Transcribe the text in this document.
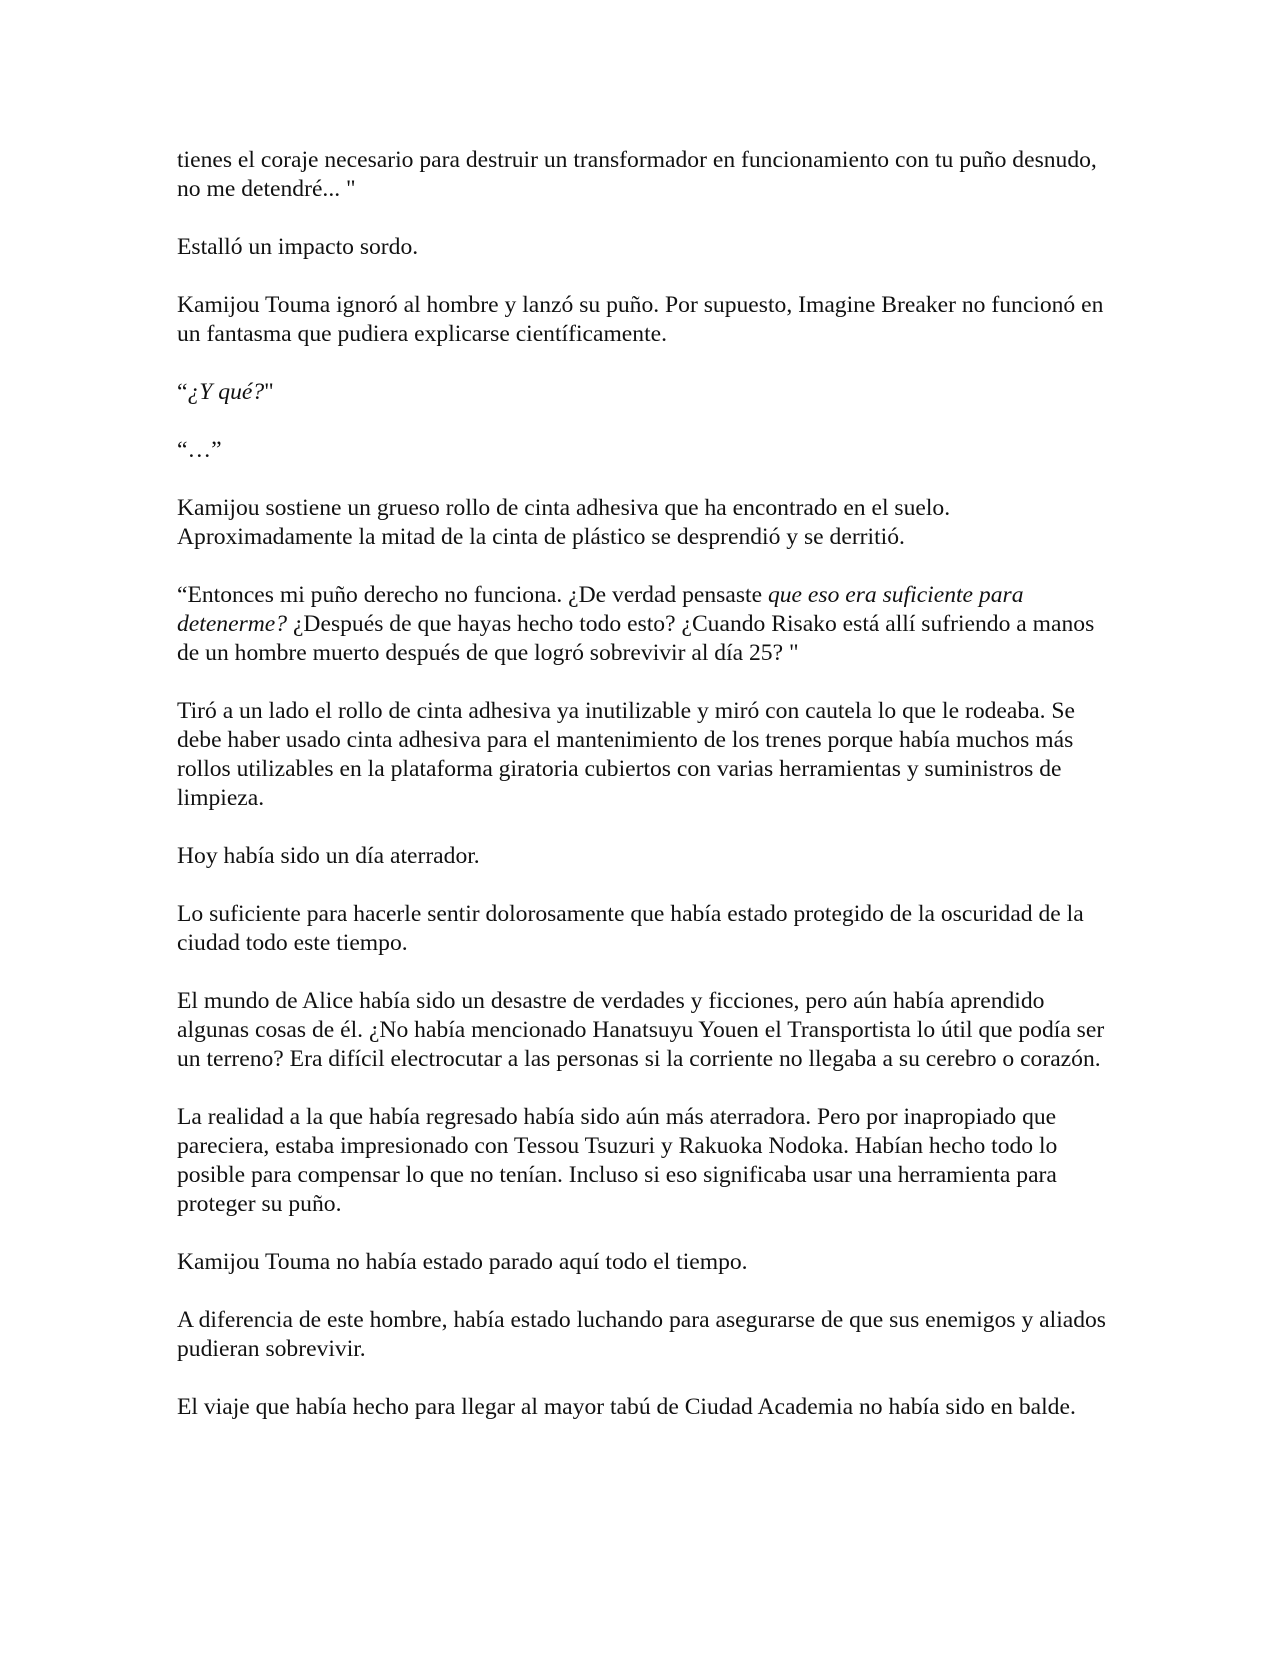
tienes el coraje necesario para destruir un transformador en funcionamiento con tu puño desnudo, no me detendré... "

Estalló un impacto sordo.

Kamijou Touma ignoró al hombre y lanzó su puño. Por supuesto, Imagine Breaker no funcionó en un fantasma que pudiera explicarse científicamente.

“¿Y qué?"

“…”

Kamijou sostiene un grueso rollo de cinta adhesiva que ha encontrado en el suelo. Aproximadamente la mitad de la cinta de plástico se desprendió y se derritió.

“Entonces mi puño derecho no funciona. ¿De verdad pensaste que eso era suficiente para detenerme? ¿Después de que hayas hecho todo esto? ¿Cuando Risako está allí sufriendo a manos de un hombre muerto después de que logró sobrevivir al día 25? "

Tiró a un lado el rollo de cinta adhesiva ya inutilizable y miró con cautela lo que le rodeaba. Se debe haber usado cinta adhesiva para el mantenimiento de los trenes porque había muchos más rollos utilizables en la plataforma giratoria cubiertos con varias herramientas y suministros de limpieza.

Hoy había sido un día aterrador.

Lo suficiente para hacerle sentir dolorosamente que había estado protegido de la oscuridad de la ciudad todo este tiempo.

El mundo de Alice había sido un desastre de verdades y ficciones, pero aún había aprendido algunas cosas de él. ¿No había mencionado Hanatsuyu Youen el Transportista lo útil que podía ser un terreno? Era difícil electrocutar a las personas si la corriente no llegaba a su cerebro o corazón.

La realidad a la que había regresado había sido aún más aterradora. Pero por inapropiado que pareciera, estaba impresionado con Tessou Tsuzuri y Rakuoka Nodoka. Habían hecho todo lo posible para compensar lo que no tenían. Incluso si eso significaba usar una herramienta para proteger su puño.

Kamijou Touma no había estado parado aquí todo el tiempo.

A diferencia de este hombre, había estado luchando para asegurarse de que sus enemigos y aliados pudieran sobrevivir.

El viaje que había hecho para llegar al mayor tabú de Ciudad Academia no había sido en balde.
